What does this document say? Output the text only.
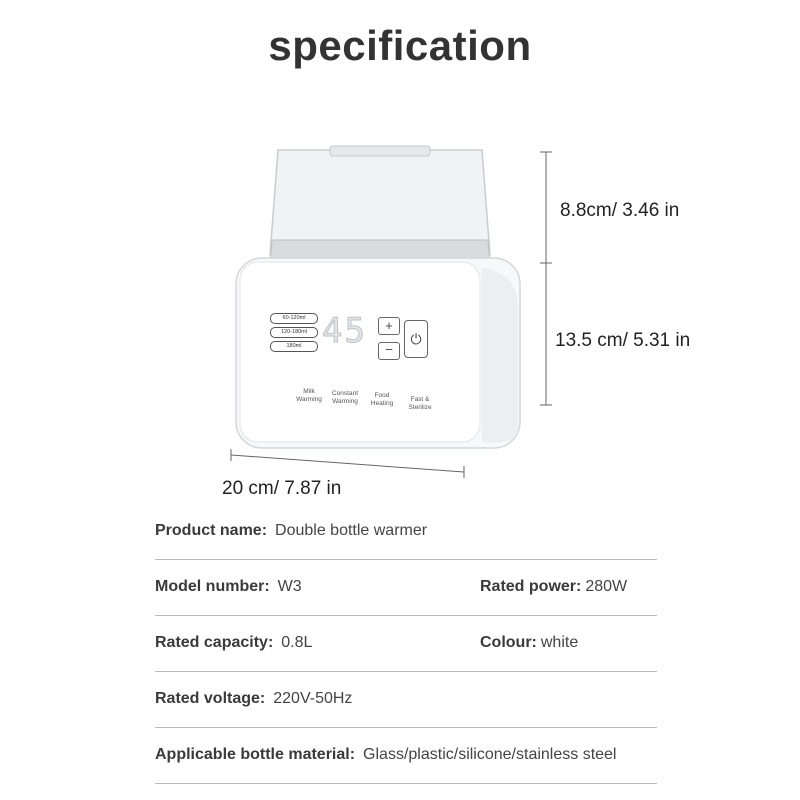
specification
60-120ml
120-180ml
180ml 45	+
−
⏻
Milk
Warming
Constant
Warming
Food
Heating
Fast &
Sterilize
8.8cm/ 3.46 in
13.5 cm/ 5.31 in
20 cm/ 7.87 in
Product name: Double bottle warmer
Model number: W3	Rated power: 280W
Rated capacity: 0.8L	Colour: white
Rated voltage: 220V-50Hz
Applicable bottle material: Glass/plastic/silicone/stainless steel
